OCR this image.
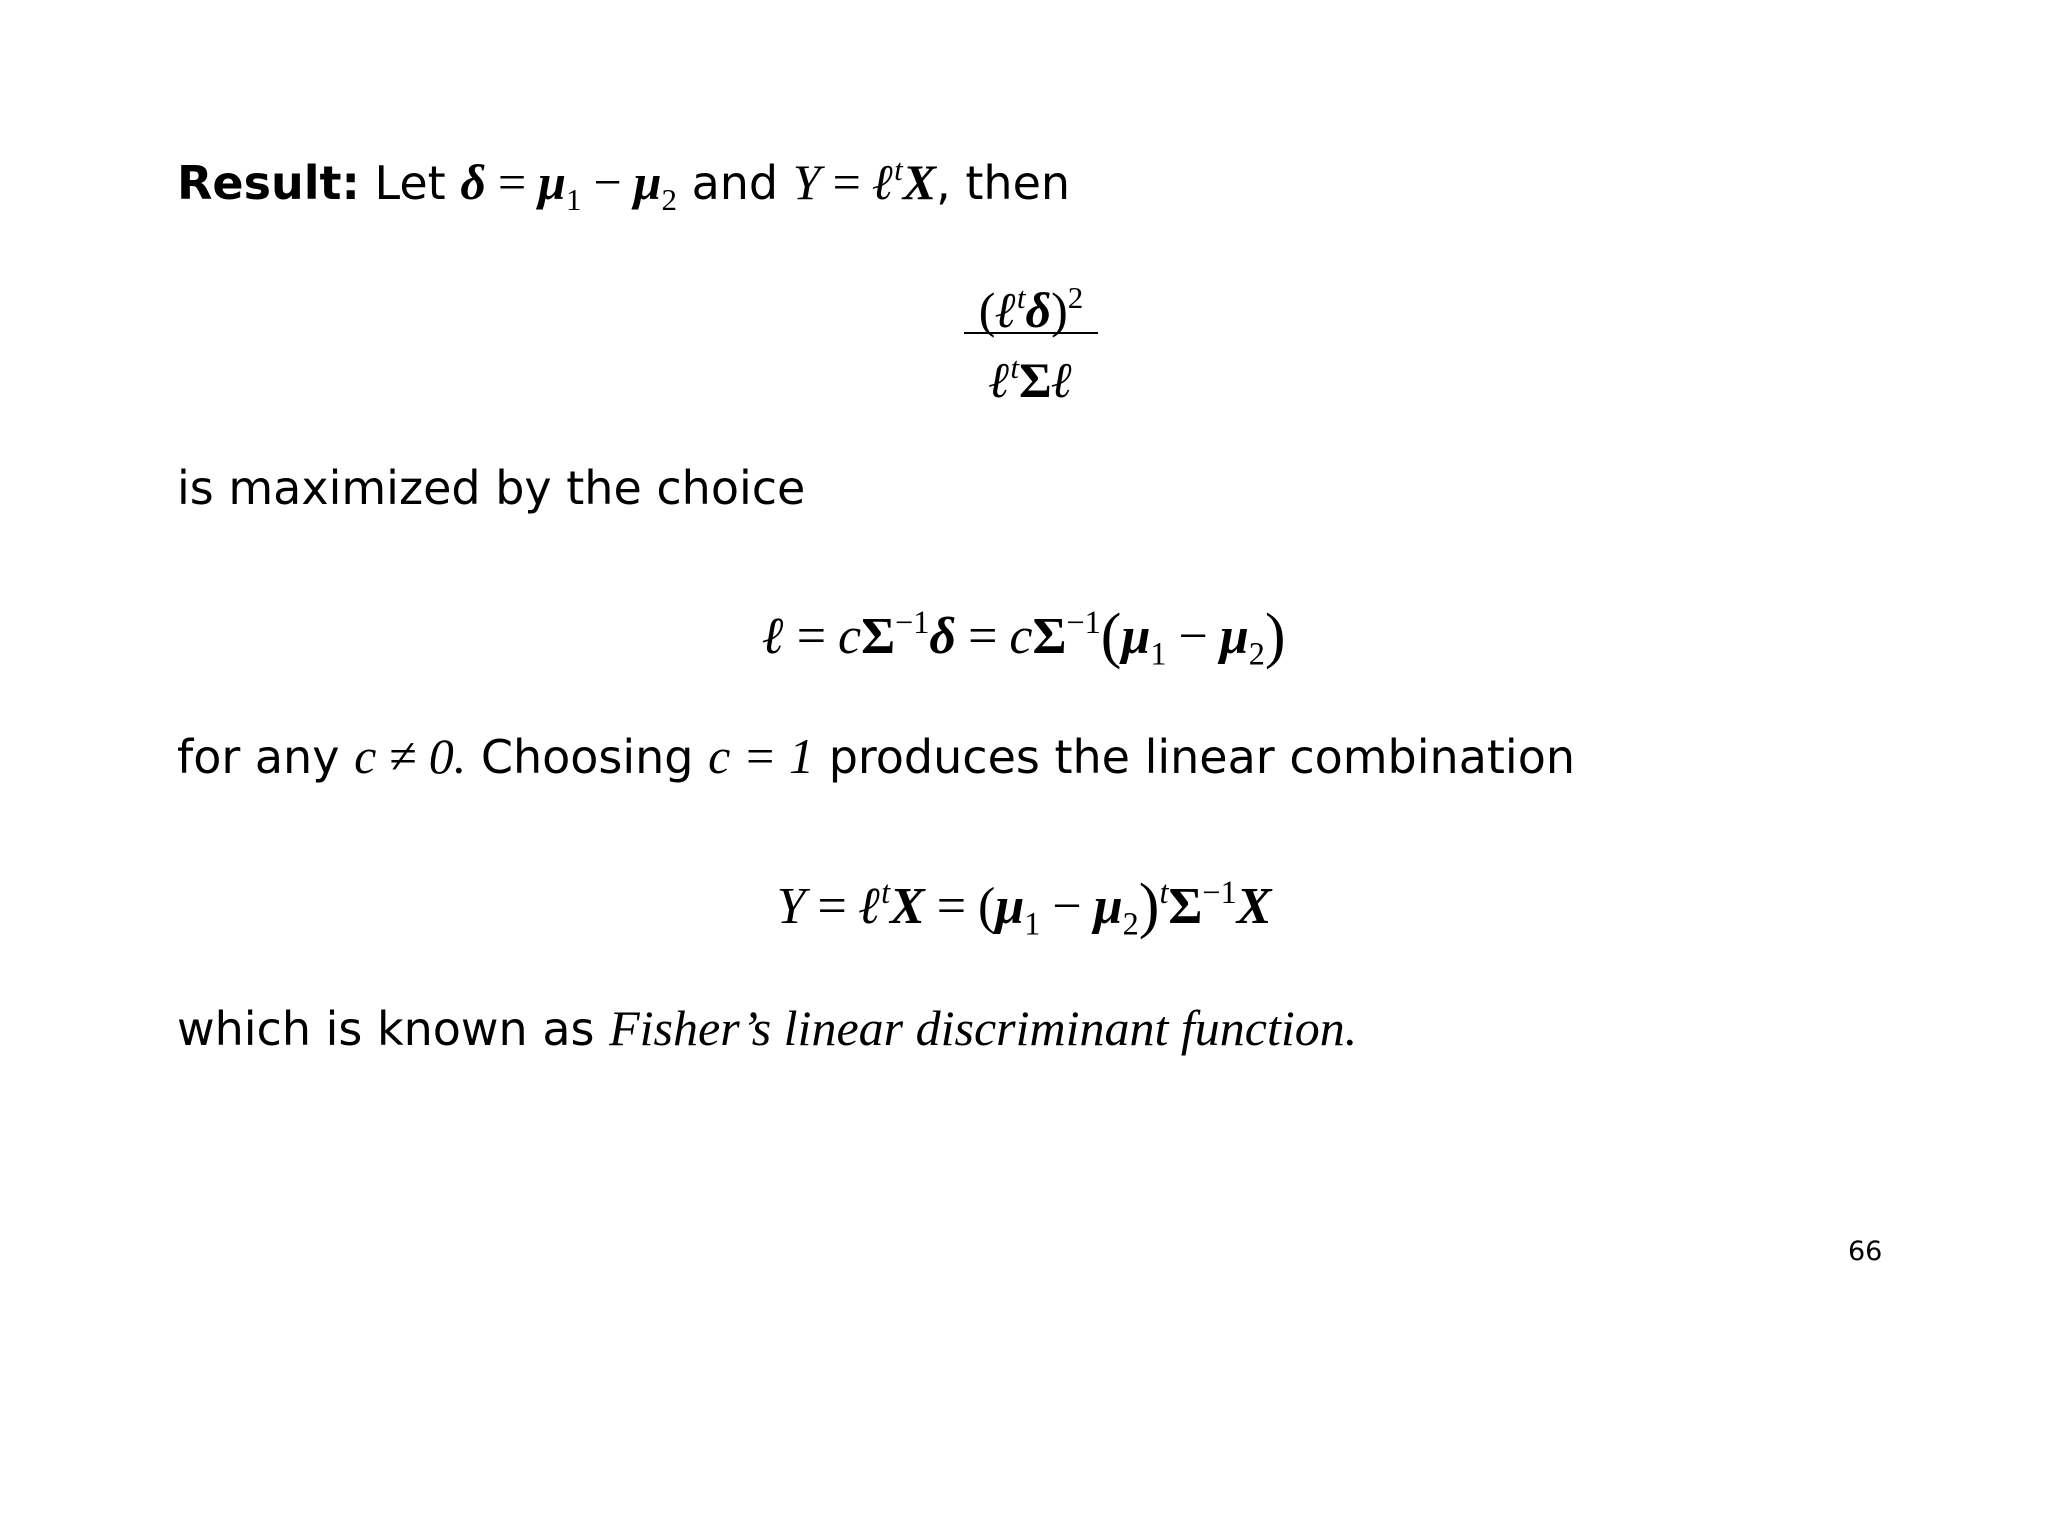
Result: Let $\delta = \mu_1 - \mu_2$ and Y = ℓ$^t$X, then
(ℓ$^t$δ)$^2$
ℓ$^t$Σℓ
is maximized by the choice
ℓ = $c\Sigma^{-1}\delta = c\Sigma^{-1}(\mu_1 - \mu_2)$
for any c ≠ 0. Choosing c = 1 produces the linear combination
Y = ℓ$^t$X = $(\mu_1 - \mu_2)^t\Sigma^{-1}X$
which is known as Fisher’s linear discriminant function.
66
